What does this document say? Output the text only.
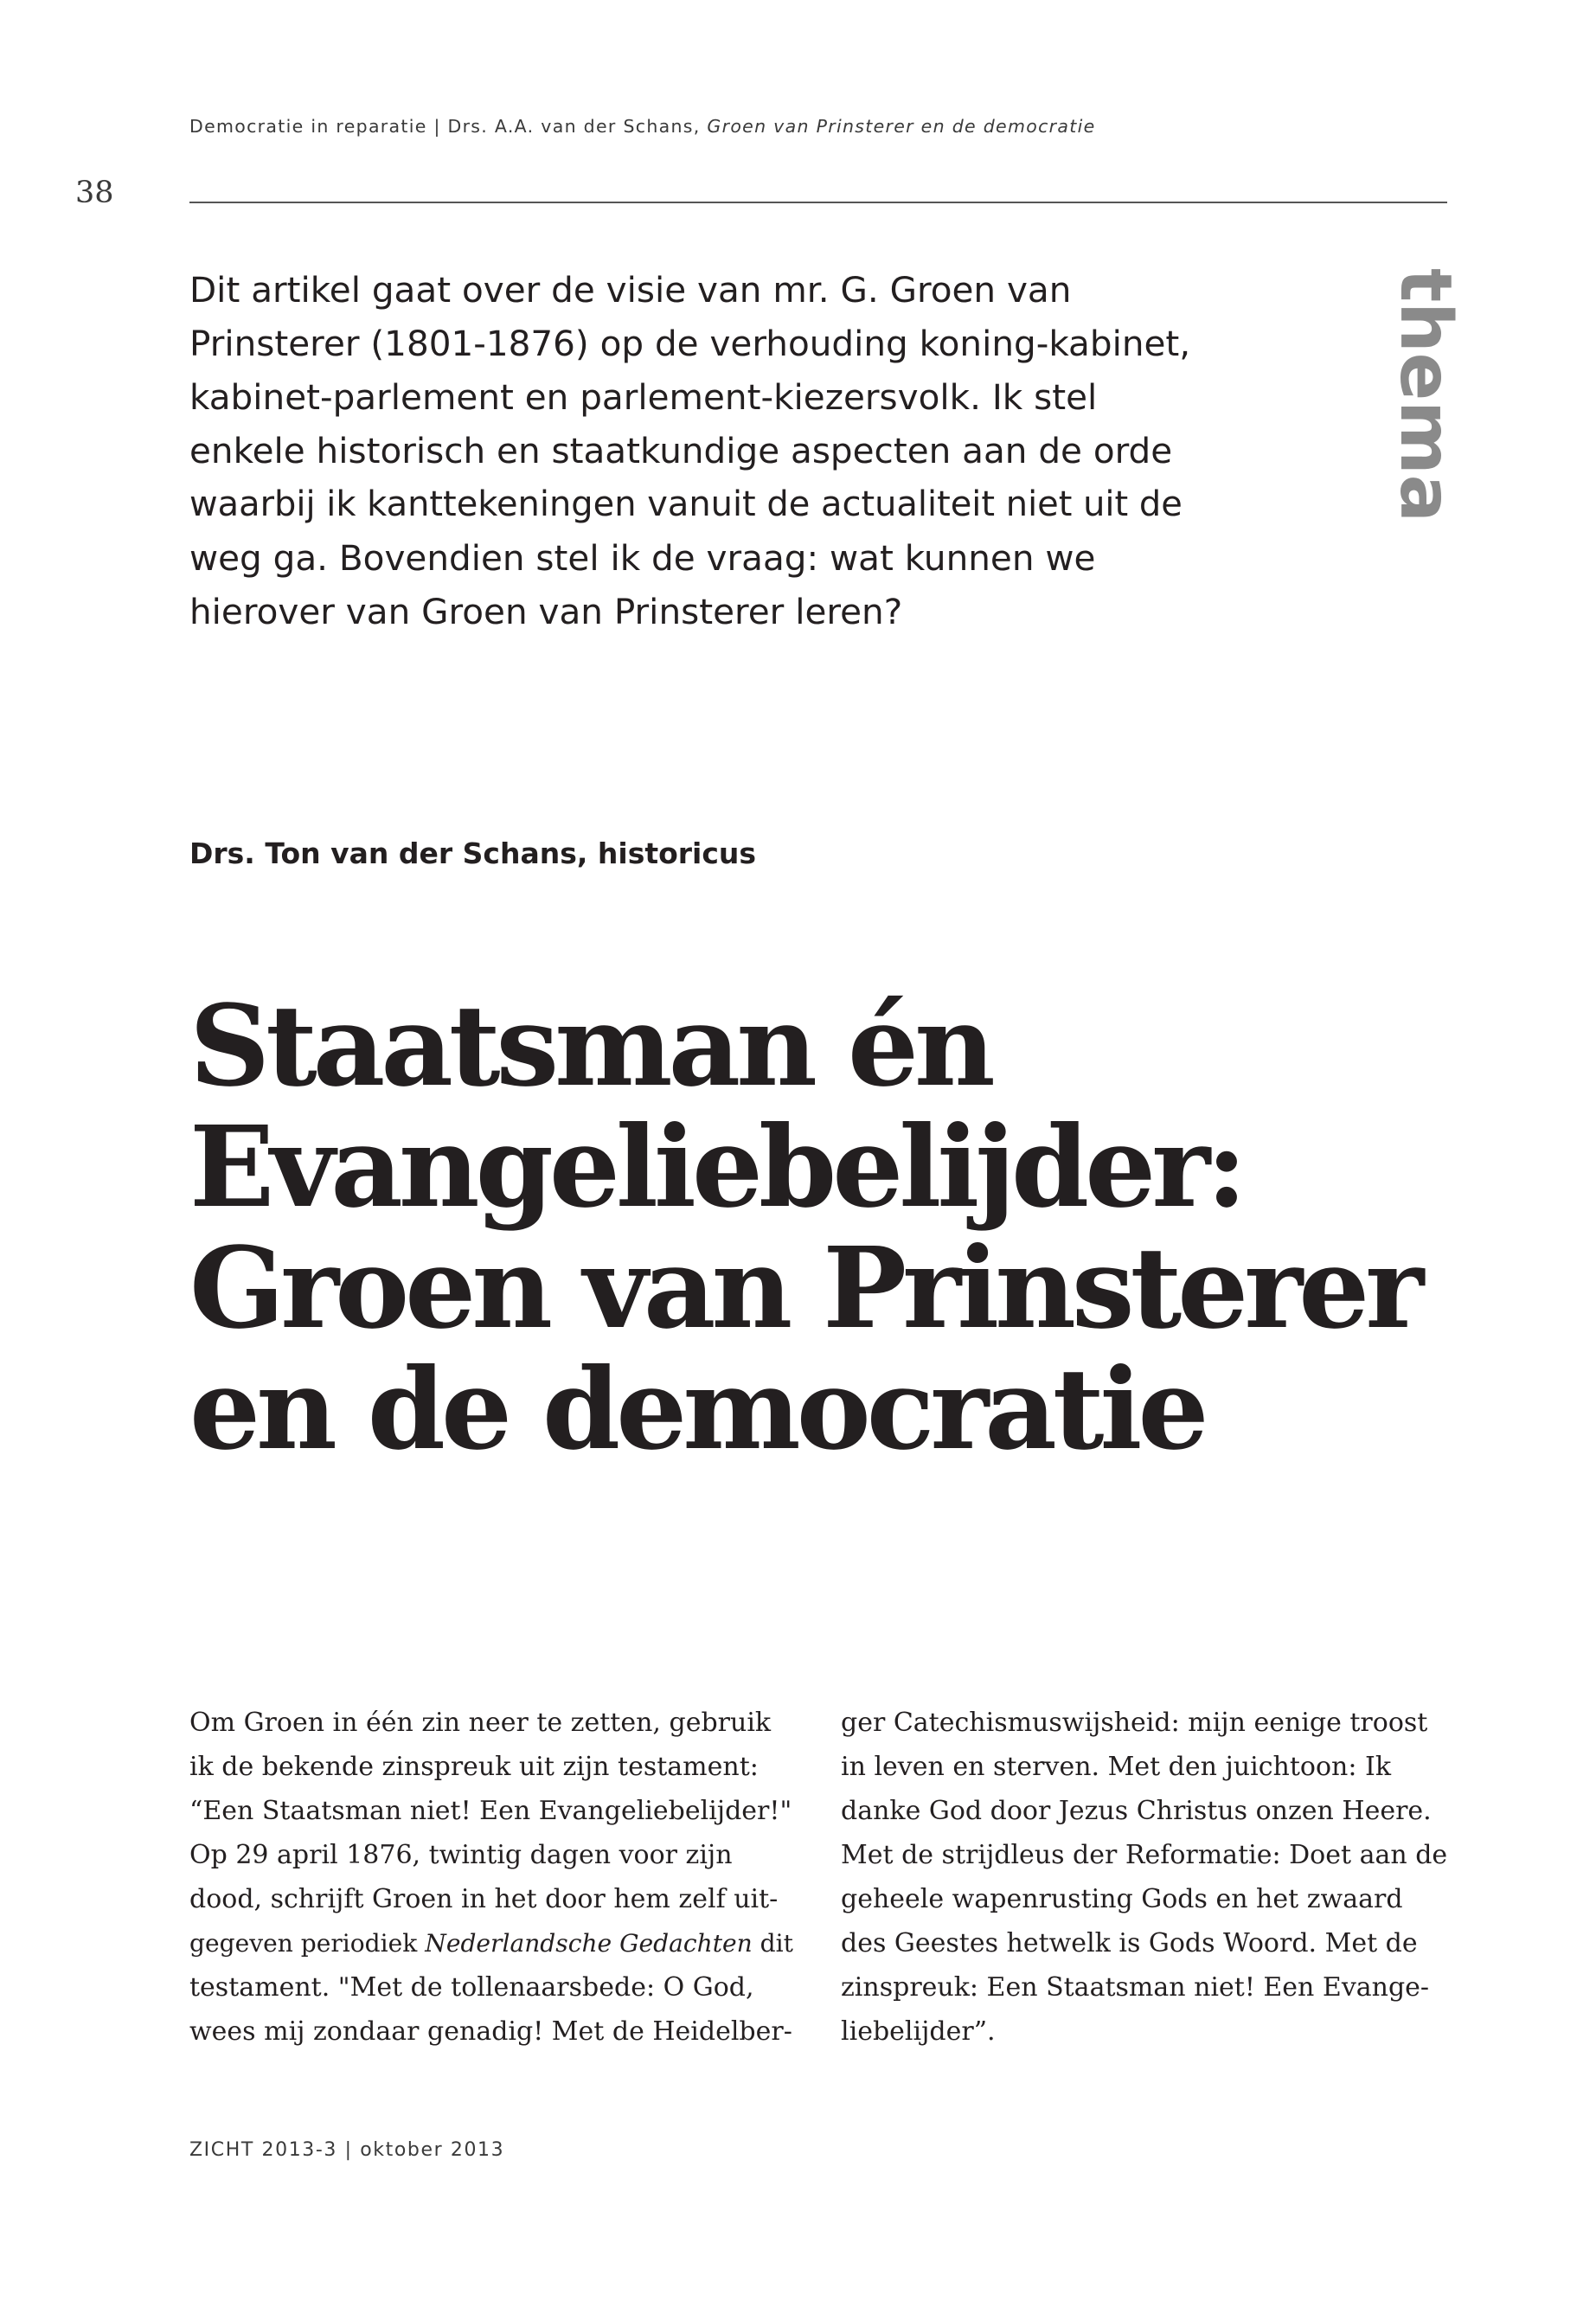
Democratie in reparatie | Drs. A.A. van der Schans, Groen van Prinsterer en de democratie
38
Dit artikel gaat over de visie van mr. G. Groen van
Prinsterer (1801-1876) op de verhouding koning-kabinet,
kabinet-parlement en parlement-kiezersvolk. Ik stel
enkele historisch en staatkundige aspecten aan de orde
waarbij ik kanttekeningen vanuit de actualiteit niet uit de
weg ga. Bovendien stel ik de vraag: wat kunnen we
hierover van Groen van Prinsterer leren?
thema
Drs. Ton van der Schans, historicus
Staatsman én
Evangeliebelijder:
Groen van Prinsterer
en de democratie
Om Groen in één zin neer te zetten, gebruik
ik de bekende zinspreuk uit zijn testament:
“Een Staatsman niet! Een Evangeliebelijder!"
Op 29 april 1876, twintig dagen voor zijn
dood, schrijft Groen in het door hem zelf uit-
gegeven periodiek Nederlandsche Gedachten dit
testament. "Met de tollenaarsbede: O God,
wees mij zondaar genadig! Met de Heidelber-
ger Catechismuswijsheid: mijn eenige troost
in leven en sterven. Met den juichtoon: Ik
danke God door Jezus Christus onzen Heere.
Met de strijdleus der Reformatie: Doet aan de
geheele wapenrusting Gods en het zwaard
des Geestes hetwelk is Gods Woord. Met de
zinspreuk: Een Staatsman niet! Een Evange-
liebelijder”.
ZICHT 2013-3 | oktober 2013
